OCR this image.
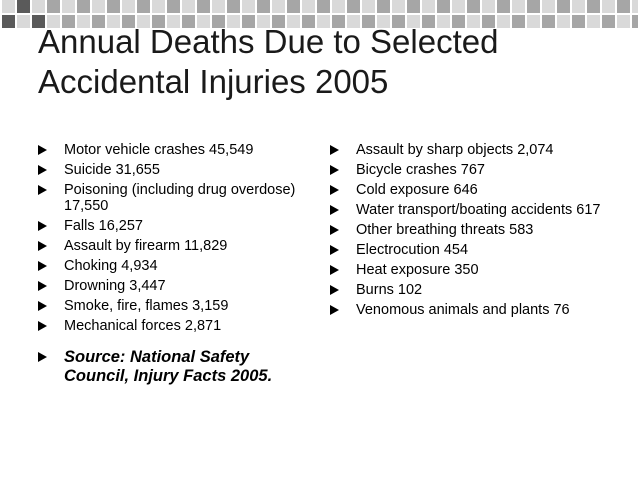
Annual Deaths Due to Selected Accidental Injuries 2005
Motor vehicle crashes 45,549
Suicide 31,655
Poisoning (including drug overdose) 17,550
Falls 16,257
Assault by firearm 11,829
Choking 4,934
Drowning 3,447
Smoke, fire, flames 3,159
Mechanical forces 2,871
Assault by sharp objects 2,074
Bicycle crashes 767
Cold exposure 646
Water transport/boating accidents 617
Other breathing threats 583
Electrocution 454
Heat exposure 350
Burns 102
Venomous animals and plants 76
Source: National Safety Council, Injury Facts 2005.
